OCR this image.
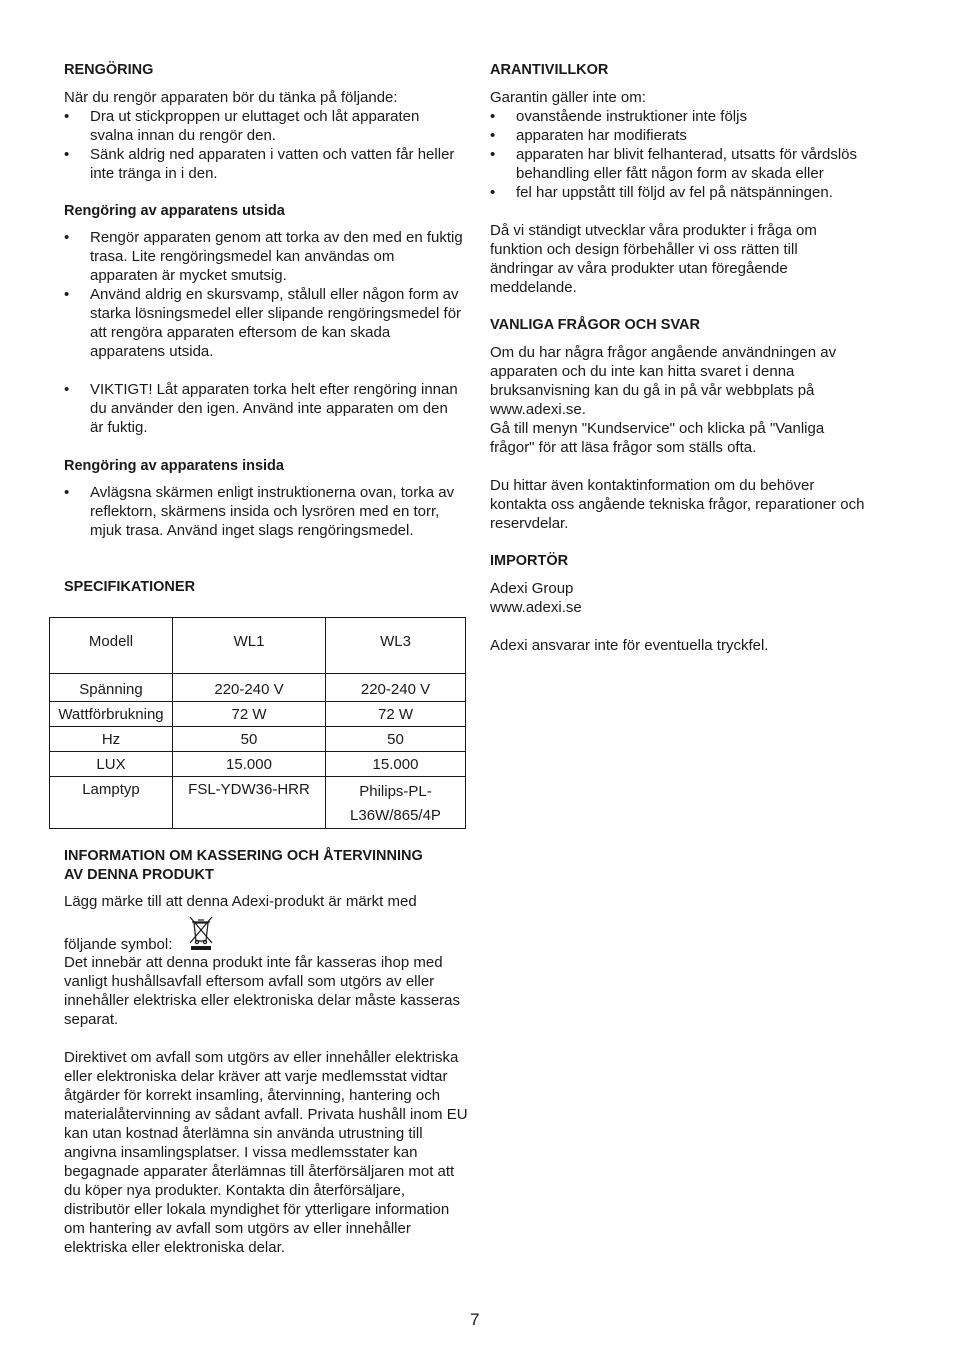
RENGÖRING

När du rengör apparaten bör du tänka på följande:

• Dra ut stickproppen ur eluttaget och låt apparaten svalna innan du rengör den.
• Sänk aldrig ned apparaten i vatten och vatten får heller inte tränga in i den.

Rengöring av apparatens utsida

• Rengör apparaten genom att torka av den med en fuktig trasa. Lite rengöringsmedel kan användas om apparaten är mycket smutsig.
• Använd aldrig en skursvamp, stålull eller någon form av starka lösningsmedel eller slipande rengöringsmedel för att rengöra apparaten eftersom de kan skada apparatens utsida.
• VIKTIGT! Låt apparaten torka helt efter rengöring innan du använder den igen. Använd inte apparaten om den är fuktig.

Rengöring av apparatens insida

• Avlägsna skärmen enligt instruktionerna ovan, torka av reflektorn, skärmens insida och lysrören med en torr, mjuk trasa. Använd inget slags rengöringsmedel.

SPECIFIKATIONER

Modell	WL1	WL3
Spänning	220-240 V	220-240 V
Wattförbrukning	72 W	72 W
Hz	50	50
LUX	15.000	15.000
Lamptyp	FSL-YDW36-HRR	Philips-PL-
L36W/865/4P

INFORMATION OM KASSERING OCH ÅTERVINNING

AV DENNA PRODUKT

Lägg märke till att denna Adexi-produkt är märkt med

följande symbol:

Det innebär att denna produkt inte får kasseras ihop med vanligt hushållsavfall eftersom avfall som utgörs av eller innehåller elektriska eller elektroniska delar måste kasseras separat.

Direktivet om avfall som utgörs av eller innehåller elektriska eller elektroniska delar kräver att varje medlemsstat vidtar åtgärder för korrekt insamling, återvinning, hantering och materialåtervinning av sådant avfall. Privata hushåll inom EU kan utan kostnad återlämna sin använda utrustning till angivna insamlingsplatser. I vissa medlemsstater kan begagnade apparater återlämnas till återförsäljaren mot att du köper nya produkter. Kontakta din återförsäljare, distributör eller lokala myndighet för ytterligare information om hantering av avfall som utgörs av eller innehåller elektriska eller elektroniska delar.

ARANTIVILLKOR

Garantin gäller inte om:

• ovanstående instruktioner inte följs
• apparaten har modifierats
• apparaten har blivit felhanterad, utsatts för vårdslös behandling eller fått någon form av skada eller
• fel har uppstått till följd av fel på nätspänningen.

Då vi ständigt utvecklar våra produkter i fråga om funktion och design förbehåller vi oss rätten till ändringar av våra produkter utan föregående meddelande.

VANLIGA FRÅGOR OCH SVAR

Om du har några frågor angående användningen av apparaten och du inte kan hitta svaret i denna bruksanvisning kan du gå in på vår webbplats på www.adexi.se.

Gå till menyn "Kundservice" och klicka på "Vanliga frågor" för att läsa frågor som ställs ofta.

Du hittar även kontaktinformation om du behöver kontakta oss angående tekniska frågor, reparationer och reservdelar.

IMPORTÖR

Adexi Group

www.adexi.se

Adexi ansvarar inte för eventuella tryckfel.

7
